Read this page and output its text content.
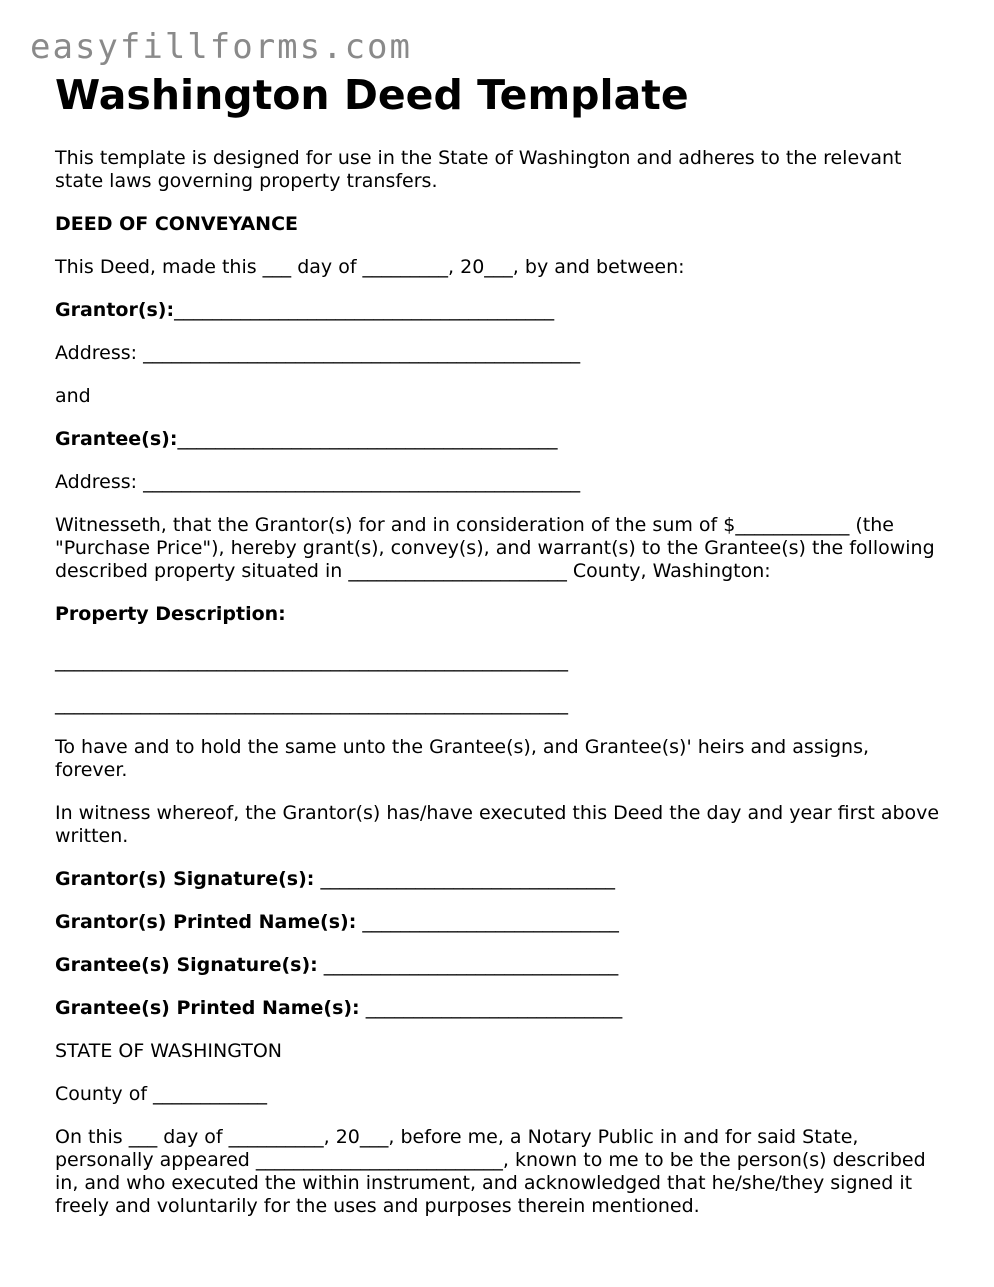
easyfillforms.com
Washington Deed Template

This template is designed for use in the State of Washington and adheres to the relevant state laws governing property transfers.

DEED OF CONVEYANCE

This Deed, made this ___ day of _________, 20___, by and between:

Grantor(s):________________________________________

Address: ______________________________________________

and

Grantee(s):________________________________________

Address: ______________________________________________

Witnesseth, that the Grantor(s) for and in consideration of the sum of $____________ (the "Purchase Price"), hereby grant(s), convey(s), and warrant(s) to the Grantee(s) the following described property situated in _______________________ County, Washington:

Property Description:

______________________________________________________

______________________________________________________

To have and to hold the same unto the Grantee(s), and Grantee(s)' heirs and assigns, forever.

In witness whereof, the Grantor(s) has/have executed this Deed the day and year first above written.

Grantor(s) Signature(s): _______________________________

Grantor(s) Printed Name(s): ___________________________

Grantee(s) Signature(s): _______________________________

Grantee(s) Printed Name(s): ___________________________

STATE OF WASHINGTON

County of ____________

On this ___ day of __________, 20___, before me, a Notary Public in and for said State, personally appeared __________________________, known to me to be the person(s) described in, and who executed the within instrument, and acknowledged that he/she/they signed it freely and voluntarily for the uses and purposes therein mentioned.
